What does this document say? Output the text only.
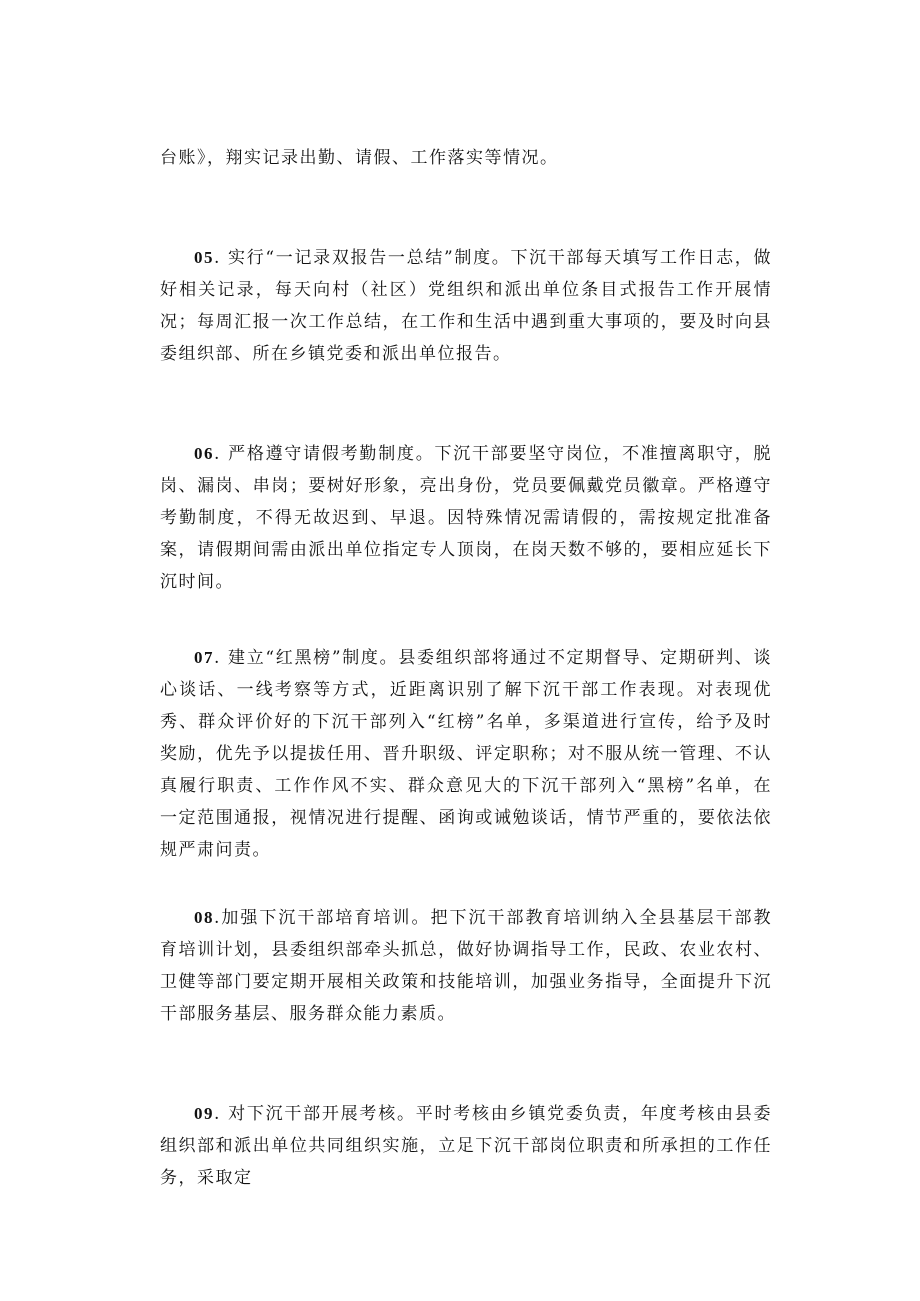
台账》，翔实记录出勤、请假、工作落实等情况。

05. 实行“一记录双报告一总结”制度。下沉干部每天填写工作日志，做好相关记录，每天向村（社区）党组织和派出单位条目式报告工作开展情况；每周汇报一次工作总结，在工作和生活中遇到重大事项的，要及时向县委组织部、所在乡镇党委和派出单位报告。

06. 严格遵守请假考勤制度。下沉干部要坚守岗位，不准擅离职守，脱岗、漏岗、串岗；要树好形象，亮出身份，党员要佩戴党员徽章。严格遵守考勤制度，不得无故迟到、早退。因特殊情况需请假的，需按规定批准备案，请假期间需由派出单位指定专人顶岗，在岗天数不够的，要相应延长下沉时间。

07. 建立“红黑榜”制度。县委组织部将通过不定期督导、定期研判、谈心谈话、一线考察等方式，近距离识别了解下沉干部工作表现。对表现优秀、群众评价好的下沉干部列入“红榜”名单，多渠道进行宣传，给予及时奖励，优先予以提拔任用、晋升职级、评定职称；对不服从统一管理、不认真履行职责、工作作风不实、群众意见大的下沉干部列入“黑榜”名单，在一定范围通报，视情况进行提醒、函询或诫勉谈话，情节严重的，要依法依规严肃问责。

08.加强下沉干部培育培训。把下沉干部教育培训纳入全县基层干部教育培训计划，县委组织部牵头抓总，做好协调指导工作，民政、农业农村、卫健等部门要定期开展相关政策和技能培训，加强业务指导，全面提升下沉干部服务基层、服务群众能力素质。

09. 对下沉干部开展考核。平时考核由乡镇党委负责，年度考核由县委组织部和派出单位共同组织实施，立足下沉干部岗位职责和所承担的工作任务，采取定
